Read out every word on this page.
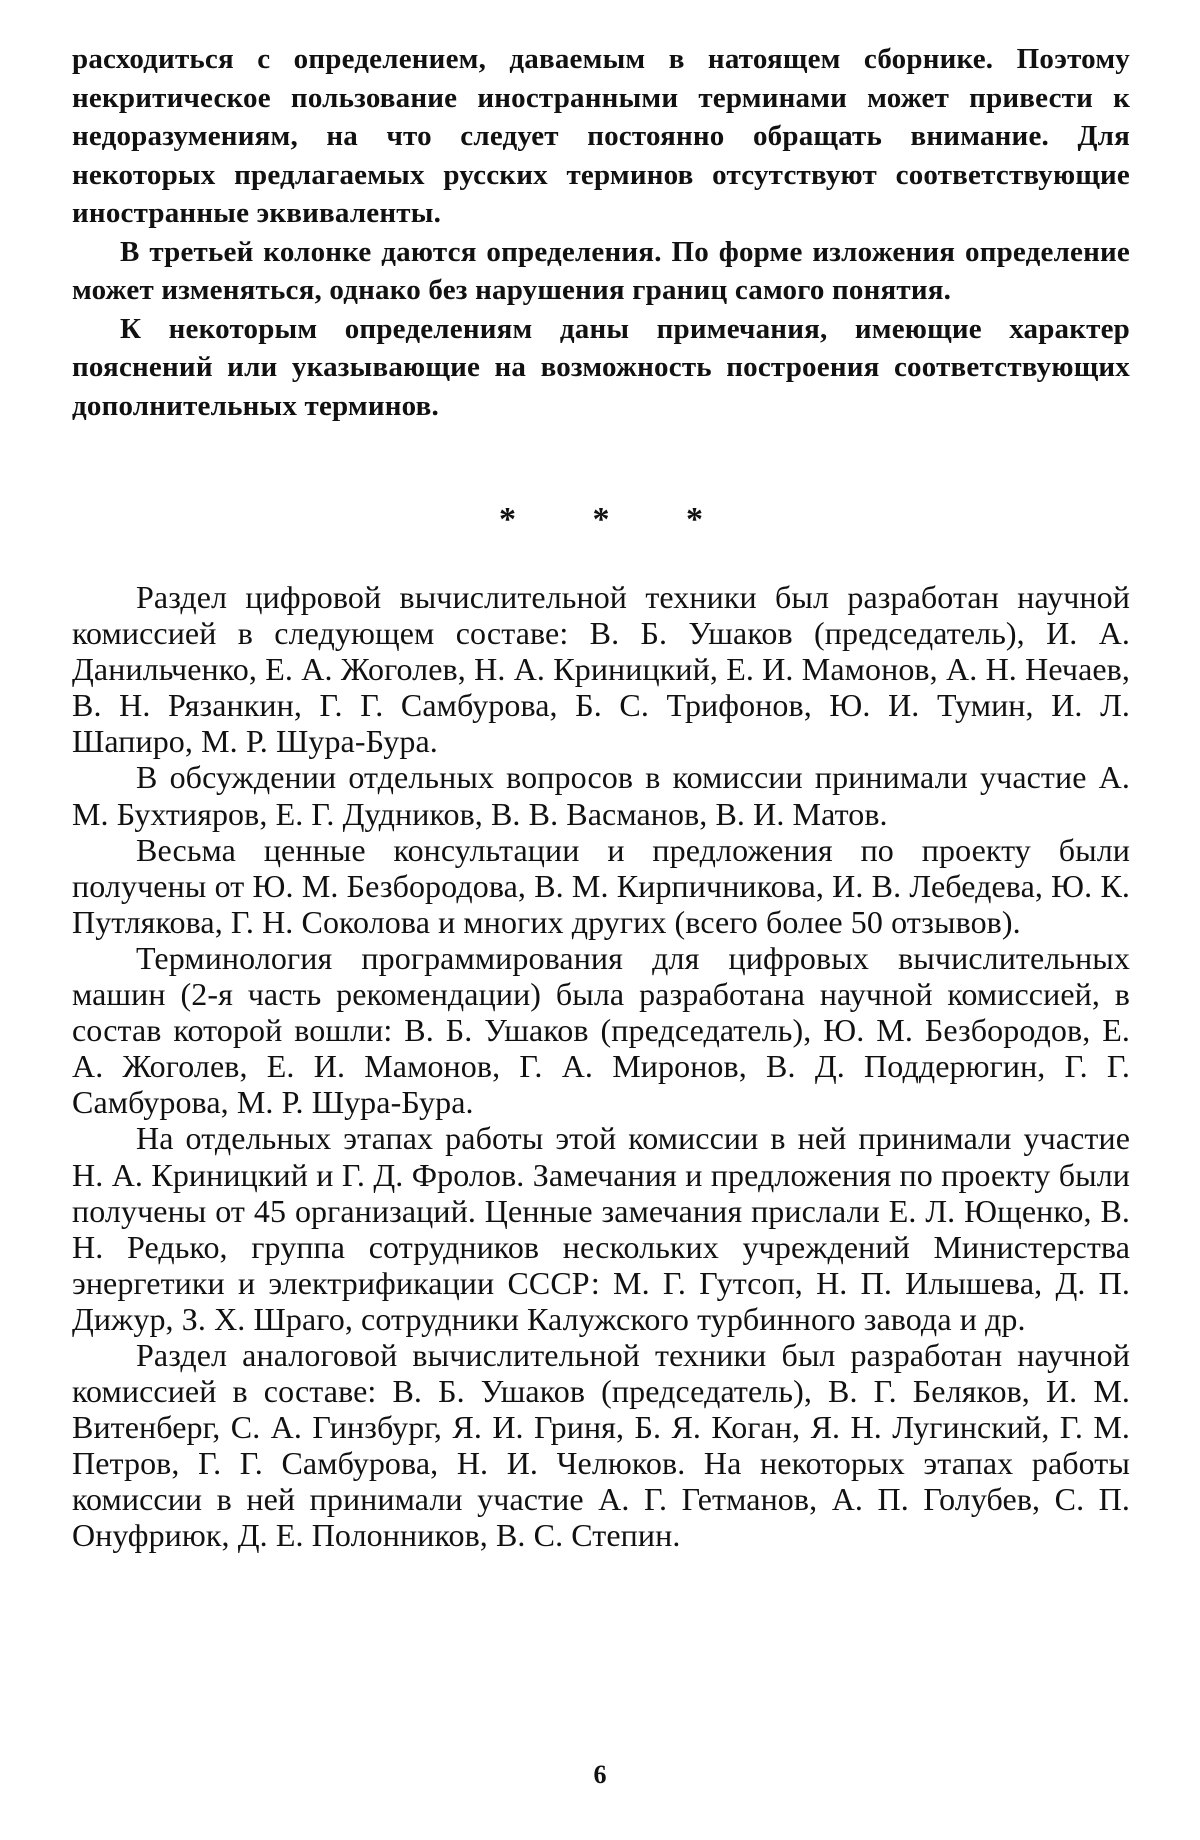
расходиться с определением, даваемым в натоящем сборнике. Поэтому некритическое пользование иностранными терминами может привести к недоразумениям, на что следует постоянно обращать внимание. Для некоторых предлагаемых русских терминов отсутствуют соответствующие иностранные эквиваленты.

В третьей колонке даются определения. По форме изложения определение может изменяться, однако без нарушения границ самого понятия.

К некоторым определениям даны примечания, имеющие характер пояснений или указывающие на возможность построения соответствующих дополнительных терминов.

* * *

Раздел цифровой вычислительной техники был разработан научной комиссией в следующем составе: В. Б. Ушаков (председатель), И. А. Данильченко, Е. А. Жоголев, Н. А. Криницкий, Е. И. Мамонов, А. Н. Нечаев, В. Н. Рязанкин, Г. Г. Самбурова, Б. С. Трифонов, Ю. И. Тумин, И. Л. Шапиро, М. Р. Шура-Бура.

В обсуждении отдельных вопросов в комиссии принимали участие А. М. Бухтияров, Е. Г. Дудников, В. В. Васманов, В. И. Матов.

Весьма ценные консультации и предложения по проекту были получены от Ю. М. Безбородова, В. М. Кирпичникова, И. В. Лебедева, Ю. К. Путлякова, Г. Н. Соколова и многих других (всего более 50 отзывов).

Терминология программирования для цифровых вычислительных машин (2-я часть рекомендации) была разработана научной комиссией, в состав которой вошли: В. Б. Ушаков (председатель), Ю. М. Безбородов, Е. А. Жоголев, Е. И. Мамонов, Г. А. Миронов, В. Д. Поддерюгин, Г. Г. Самбурова, М. Р. Шура-Бура.

На отдельных этапах работы этой комиссии в ней принимали участие Н. А. Криницкий и Г. Д. Фролов. Замечания и предложения по проекту были получены от 45 организаций. Ценные замечания прислали Е. Л. Ющенко, В. Н. Редько, группа сотрудников нескольких учреждений Министерства энергетики и электрификации СССР: М. Г. Гутсоп, Н. П. Илышева, Д. П. Дижур, З. Х. Шраго, сотрудники Калужского турбинного завода и др.

Раздел аналоговой вычислительной техники был разработан научной комиссией в составе: В. Б. Ушаков (председатель), В. Г. Беляков, И. М. Витенберг, С. А. Гинзбург, Я. И. Гриня, Б. Я. Коган, Я. Н. Лугинский, Г. М. Петров, Г. Г. Самбурова, Н. И. Челюков. На некоторых этапах работы комиссии в ней принимали участие А. Г. Гетманов, А. П. Голубев, С. П. Онуфриюк, Д. Е. Полонников, В. С. Степин.

6
